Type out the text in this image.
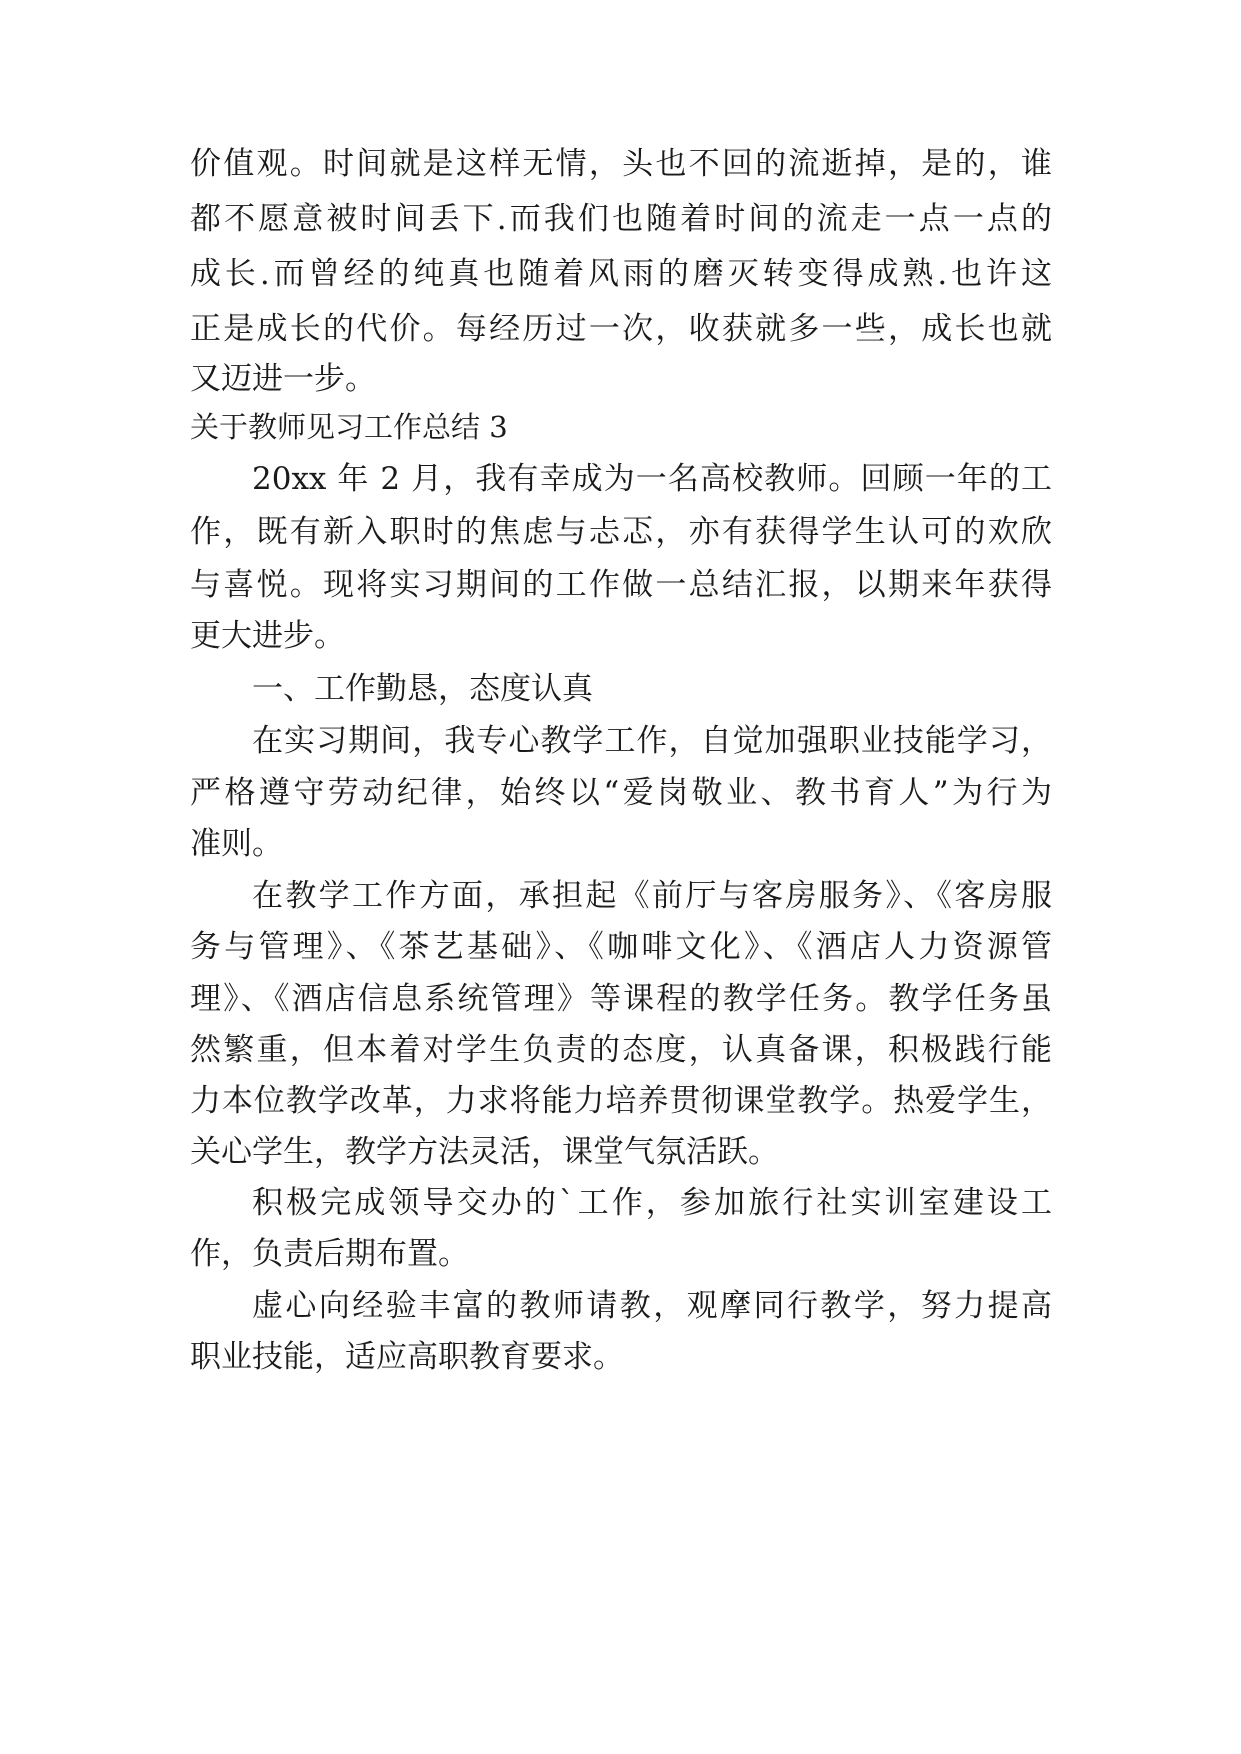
价值观。时间就是这样无情，头也不回的流逝掉，是的，谁
都不愿意被时间丢下.而我们也随着时间的流走一点一点的
成长.而曾经的纯真也随着风雨的磨灭转变得成熟.也许这
正是成长的代价。每经历过一次，收获就多一些，成长也就
又迈进一步。
关于教师见习工作总结 3
20xx 年 2 月，我有幸成为一名高校教师。回顾一年的工
作，既有新入职时的焦虑与忐忑，亦有获得学生认可的欢欣
与喜悦。现将实习期间的工作做一总结汇报，以期来年获得
更大进步。
一、工作勤恳，态度认真
在实习期间，我专心教学工作，自觉加强职业技能学习，
严格遵守劳动纪律，始终以“爱岗敬业、教书育人”为行为
准则。
在教学工作方面，承担起《前厅与客房服务》、《客房服
务与管理》、《茶艺基础》、《咖啡文化》、《酒店人力资源管
理》、《酒店信息系统管理》等课程的教学任务。教学任务虽
然繁重，但本着对学生负责的态度，认真备课，积极践行能
力本位教学改革，力求将能力培养贯彻课堂教学。热爱学生，
关心学生，教学方法灵活，课堂气氛活跃。
积极完成领导交办的`工作，参加旅行社实训室建设工
作，负责后期布置。
虚心向经验丰富的教师请教，观摩同行教学，努力提高
职业技能，适应高职教育要求。
